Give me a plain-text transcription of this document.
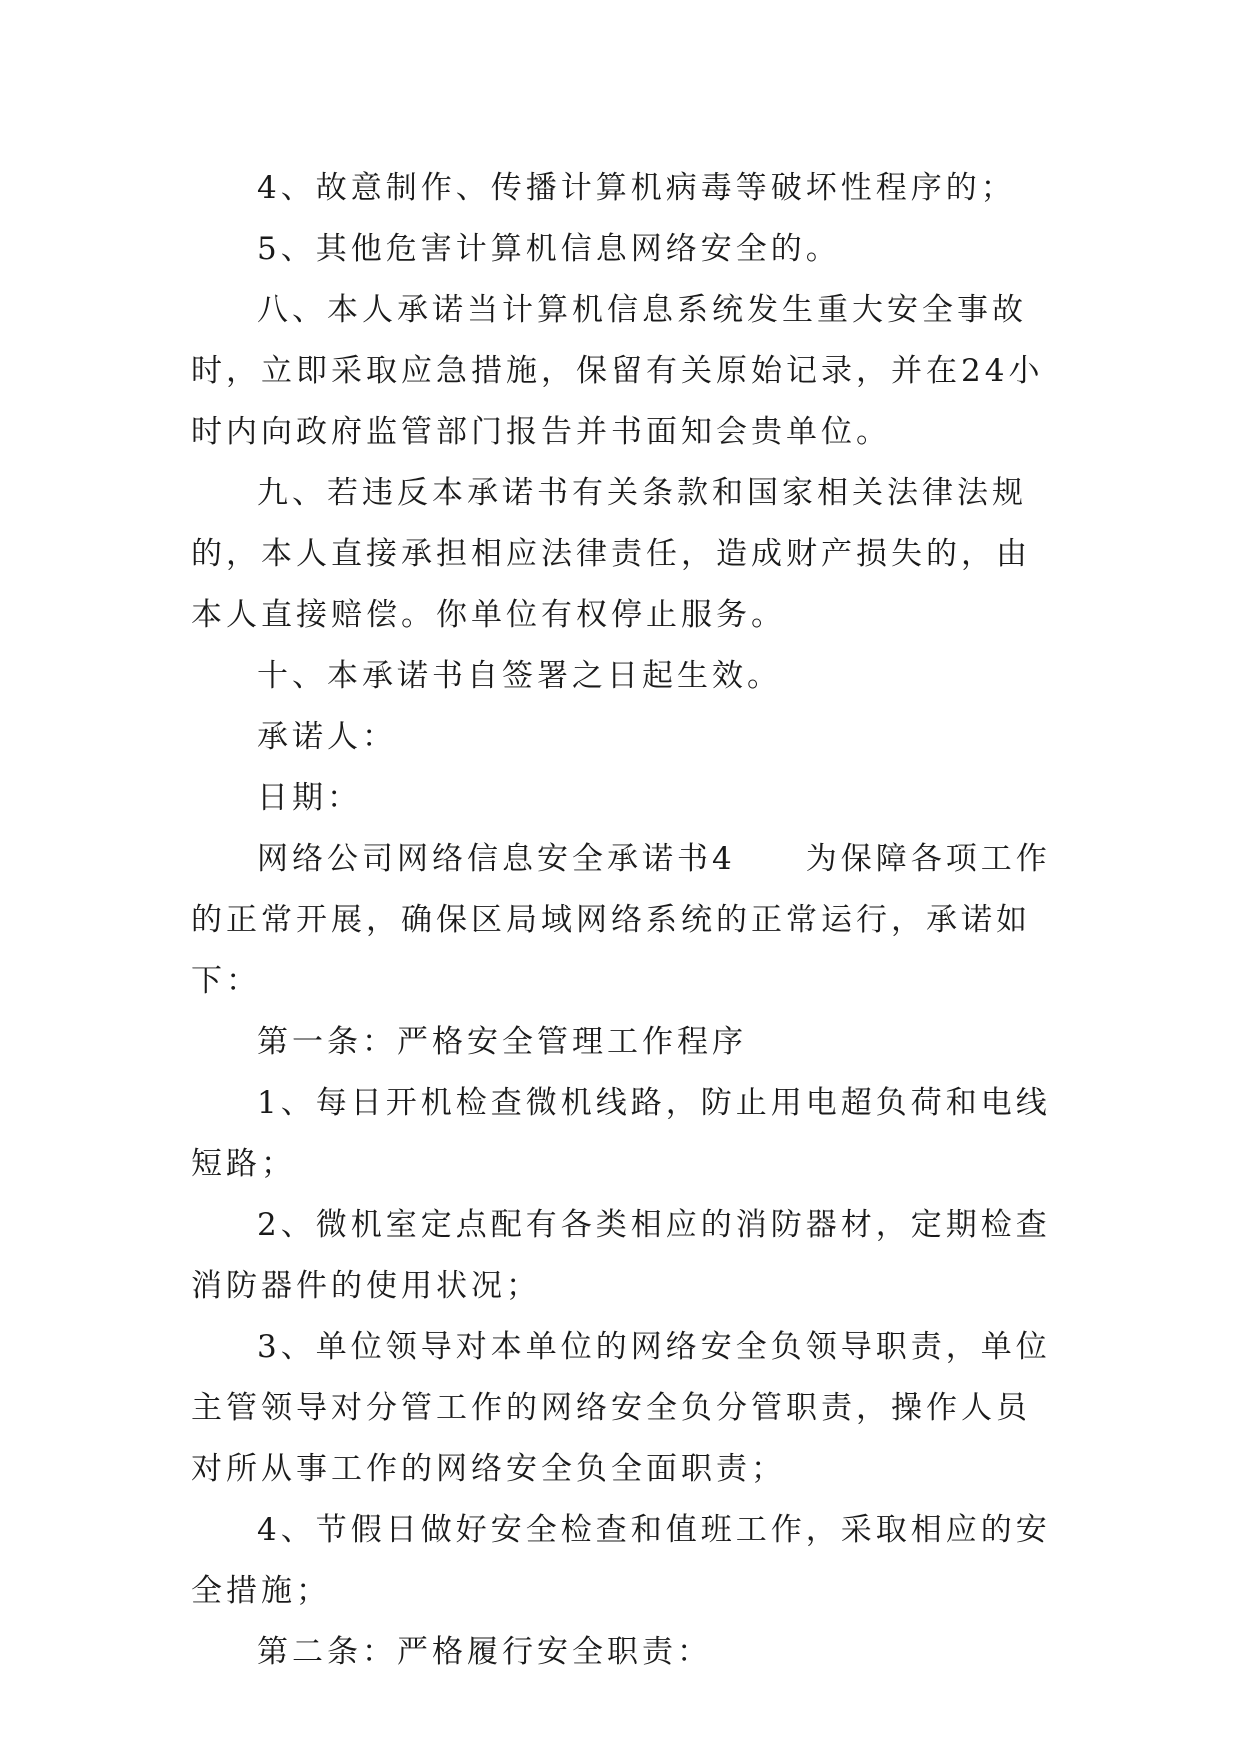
4、故意制作、传播计算机病毒等破坏性程序的；

5、其他危害计算机信息网络安全的。

八、本人承诺当计算机信息系统发生重大安全事故时，立即采取应急措施，保留有关原始记录，并在24小时内向政府监管部门报告并书面知会贵单位。

九、若违反本承诺书有关条款和国家相关法律法规的，本人直接承担相应法律责任，造成财产损失的，由本人直接赔偿。你单位有权停止服务。

十、本承诺书自签署之日起生效。

承诺人：

日期：

网络公司网络信息安全承诺书4　　为保障各项工作的正常开展，确保区局域网络系统的正常运行，承诺如下：

第一条：严格安全管理工作程序

1、每日开机检查微机线路，防止用电超负荷和电线短路；

2、微机室定点配有各类相应的消防器材，定期检查消防器件的使用状况；

3、单位领导对本单位的网络安全负领导职责，单位主管领导对分管工作的网络安全负分管职责，操作人员对所从事工作的网络安全负全面职责；

4、节假日做好安全检查和值班工作，采取相应的安全措施；

第二条：严格履行安全职责：
